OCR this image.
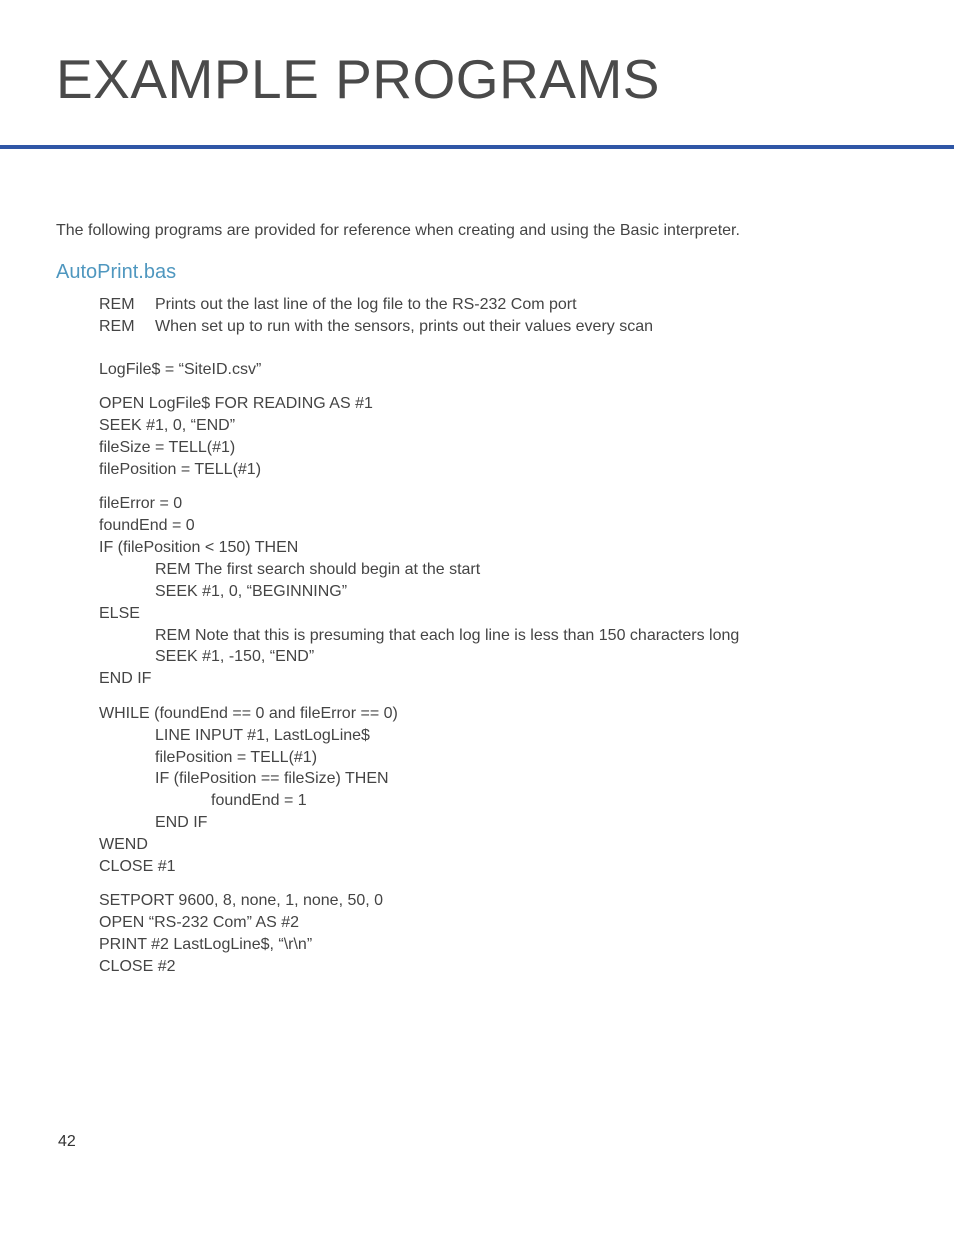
EXAMPLE PROGRAMS

The following programs are provided for reference when creating and using the Basic interpreter.

AutoPrint.bas
REM	Prints out the last line of the log file to the RS-232 Com port
REM	When set up to run with the sensors, prints out their values every scan
LogFile$ = “SiteID.csv”
OPEN LogFile$ FOR READING AS #1
SEEK #1, 0, “END”
fileSize = TELL(#1)
filePosition = TELL(#1)
fileError = 0
foundEnd = 0
IF (filePosition < 150) THEN
REM The first search should begin at the start
SEEK #1, 0, “BEGINNING”
ELSE
REM Note that this is presuming that each log line is less than 150 characters long
SEEK #1, -150, “END”
END IF
WHILE (foundEnd == 0 and fileError == 0)
LINE INPUT #1, LastLogLine$
filePosition = TELL(#1)
IF (filePosition == fileSize) THEN
foundEnd = 1
END IF
WEND
CLOSE #1
SETPORT 9600, 8, none, 1, none, 50, 0
OPEN “RS-232 Com” AS #2
PRINT #2 LastLogLine$, “\r\n”
CLOSE #2
42
